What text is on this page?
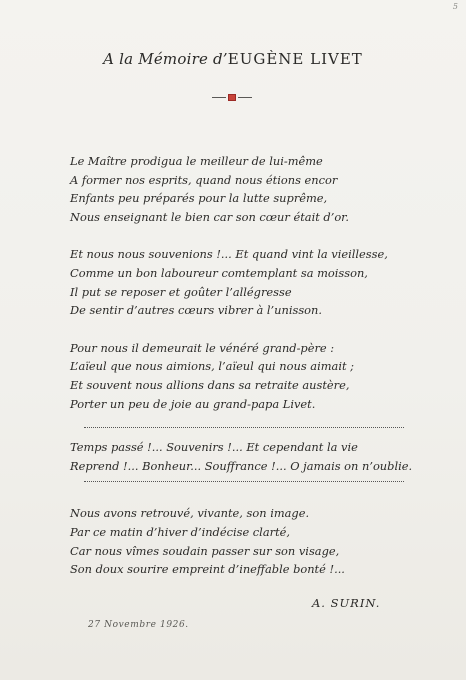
5
A la Mémoire d’EUGÈNE LIVET
Le Maître prodigua le meilleur de lui-même
A former nos esprits, quand nous étions encor
Enfants peu préparés pour la lutte suprême,
Nous enseignant le bien car son cœur était d’or.
Et nous nous souvenions !... Et quand vint la vieillesse,
Comme un bon laboureur comtemplant sa moisson,
Il put se reposer et goûter l’allégresse
De sentir d’autres cœurs vibrer à l’unisson.
Pour nous il demeurait le vénéré grand-père :
L’aïeul que nous aimions, l’aïeul qui nous aimait ;
Et souvent nous allions dans sa retraite austère,
Porter un peu de joie au grand-papa Livet.
Temps passé !... Souvenirs !... Et cependant la vie
Reprend !... Bonheur... Souffrance !... O jamais on n’oublie.
Nous avons retrouvé, vivante, son image.
Par ce matin d’hiver d’indécise clarté,
Car nous vîmes soudain passer sur son visage,
Son doux sourire empreint d’ineffable bonté !...
A. SURIN.
27 Novembre 1926.
